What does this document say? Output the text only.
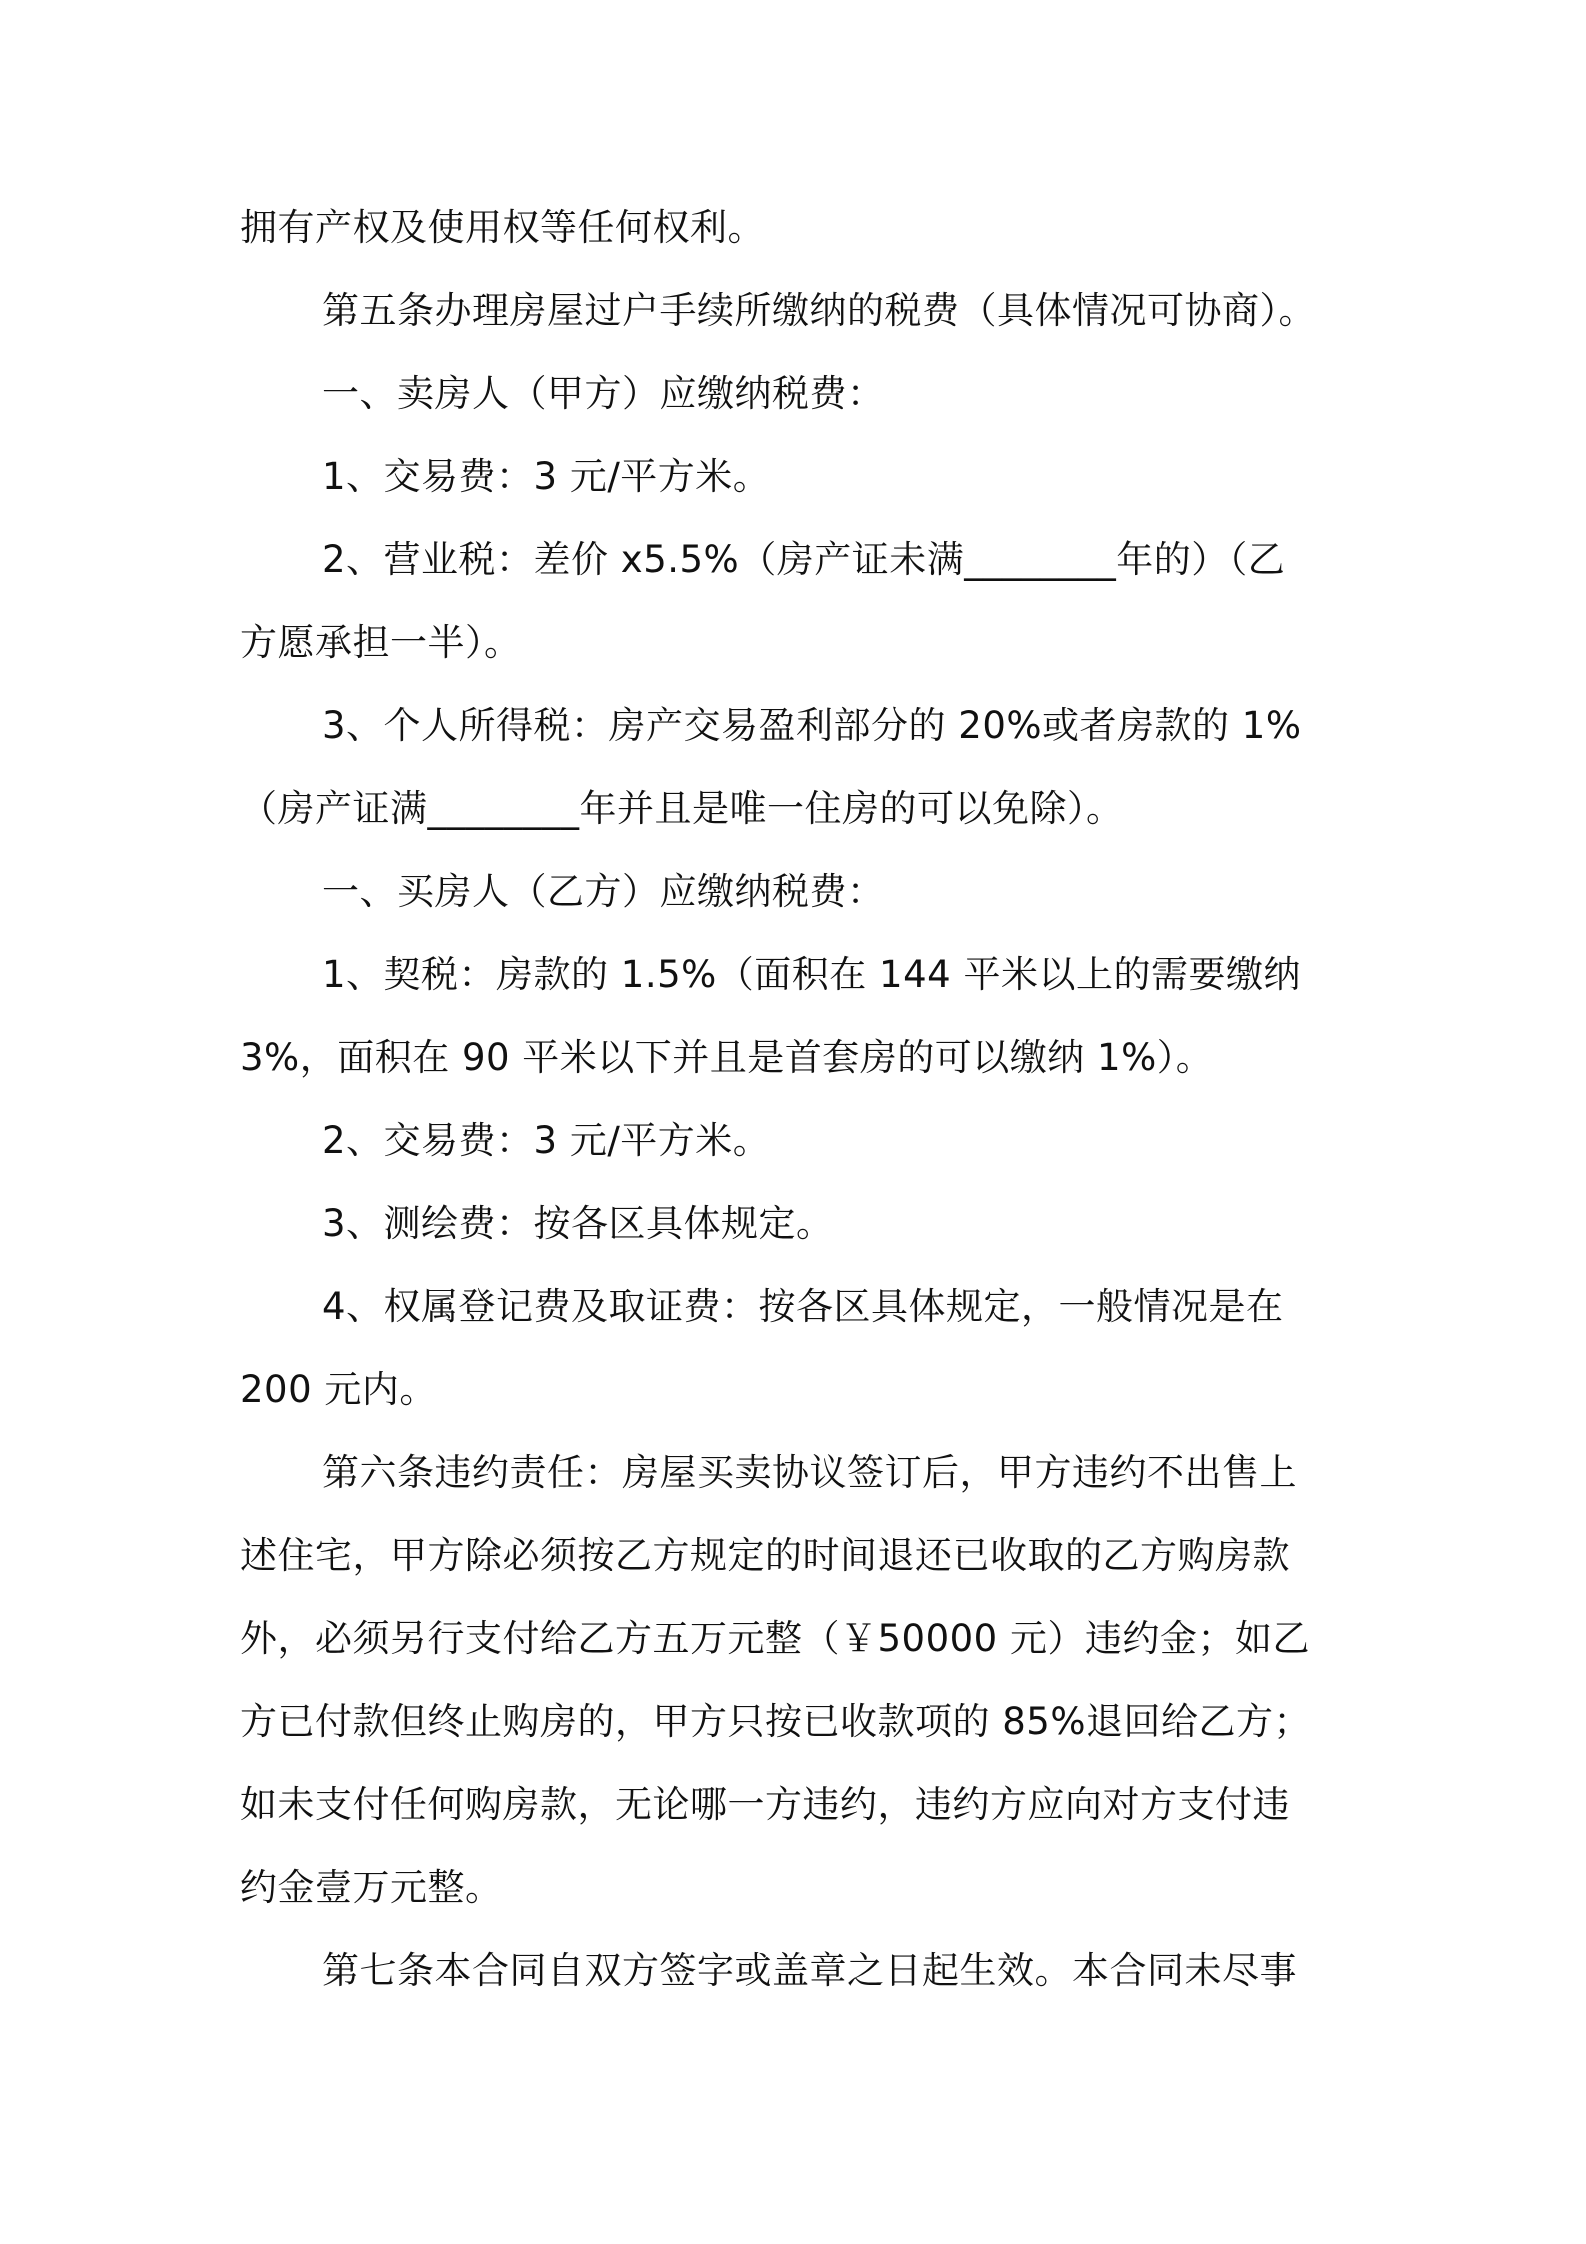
拥有产权及使用权等任何权利。
第五条办理房屋过户手续所缴纳的税费（具体情况可协商）。
一、卖房人（甲方）应缴纳税费：
1、交易费：3 元/平方米。
2、营业税：差价 x5.5%（房产证未满________年的）（乙
方愿承担一半）。
3、个人所得税：房产交易盈利部分的 20%或者房款的 1%
（房产证满________年并且是唯一住房的可以免除）。
一、买房人（乙方）应缴纳税费：
1、契税：房款的 1.5%（面积在 144 平米以上的需要缴纳
3%，面积在 90 平米以下并且是首套房的可以缴纳 1%）。
2、交易费：3 元/平方米。
3、测绘费：按各区具体规定。
4、权属登记费及取证费：按各区具体规定，一般情况是在
200 元内。
第六条违约责任：房屋买卖协议签订后，甲方违约不出售上
述住宅，甲方除必须按乙方规定的时间退还已收取的乙方购房款
外，必须另行支付给乙方五万元整（￥50000 元）违约金；如乙
方已付款但终止购房的，甲方只按已收款项的 85%退回给乙方；
如未支付任何购房款，无论哪一方违约，违约方应向对方支付违
约金壹万元整。
第七条本合同自双方签字或盖章之日起生效。本合同未尽事
